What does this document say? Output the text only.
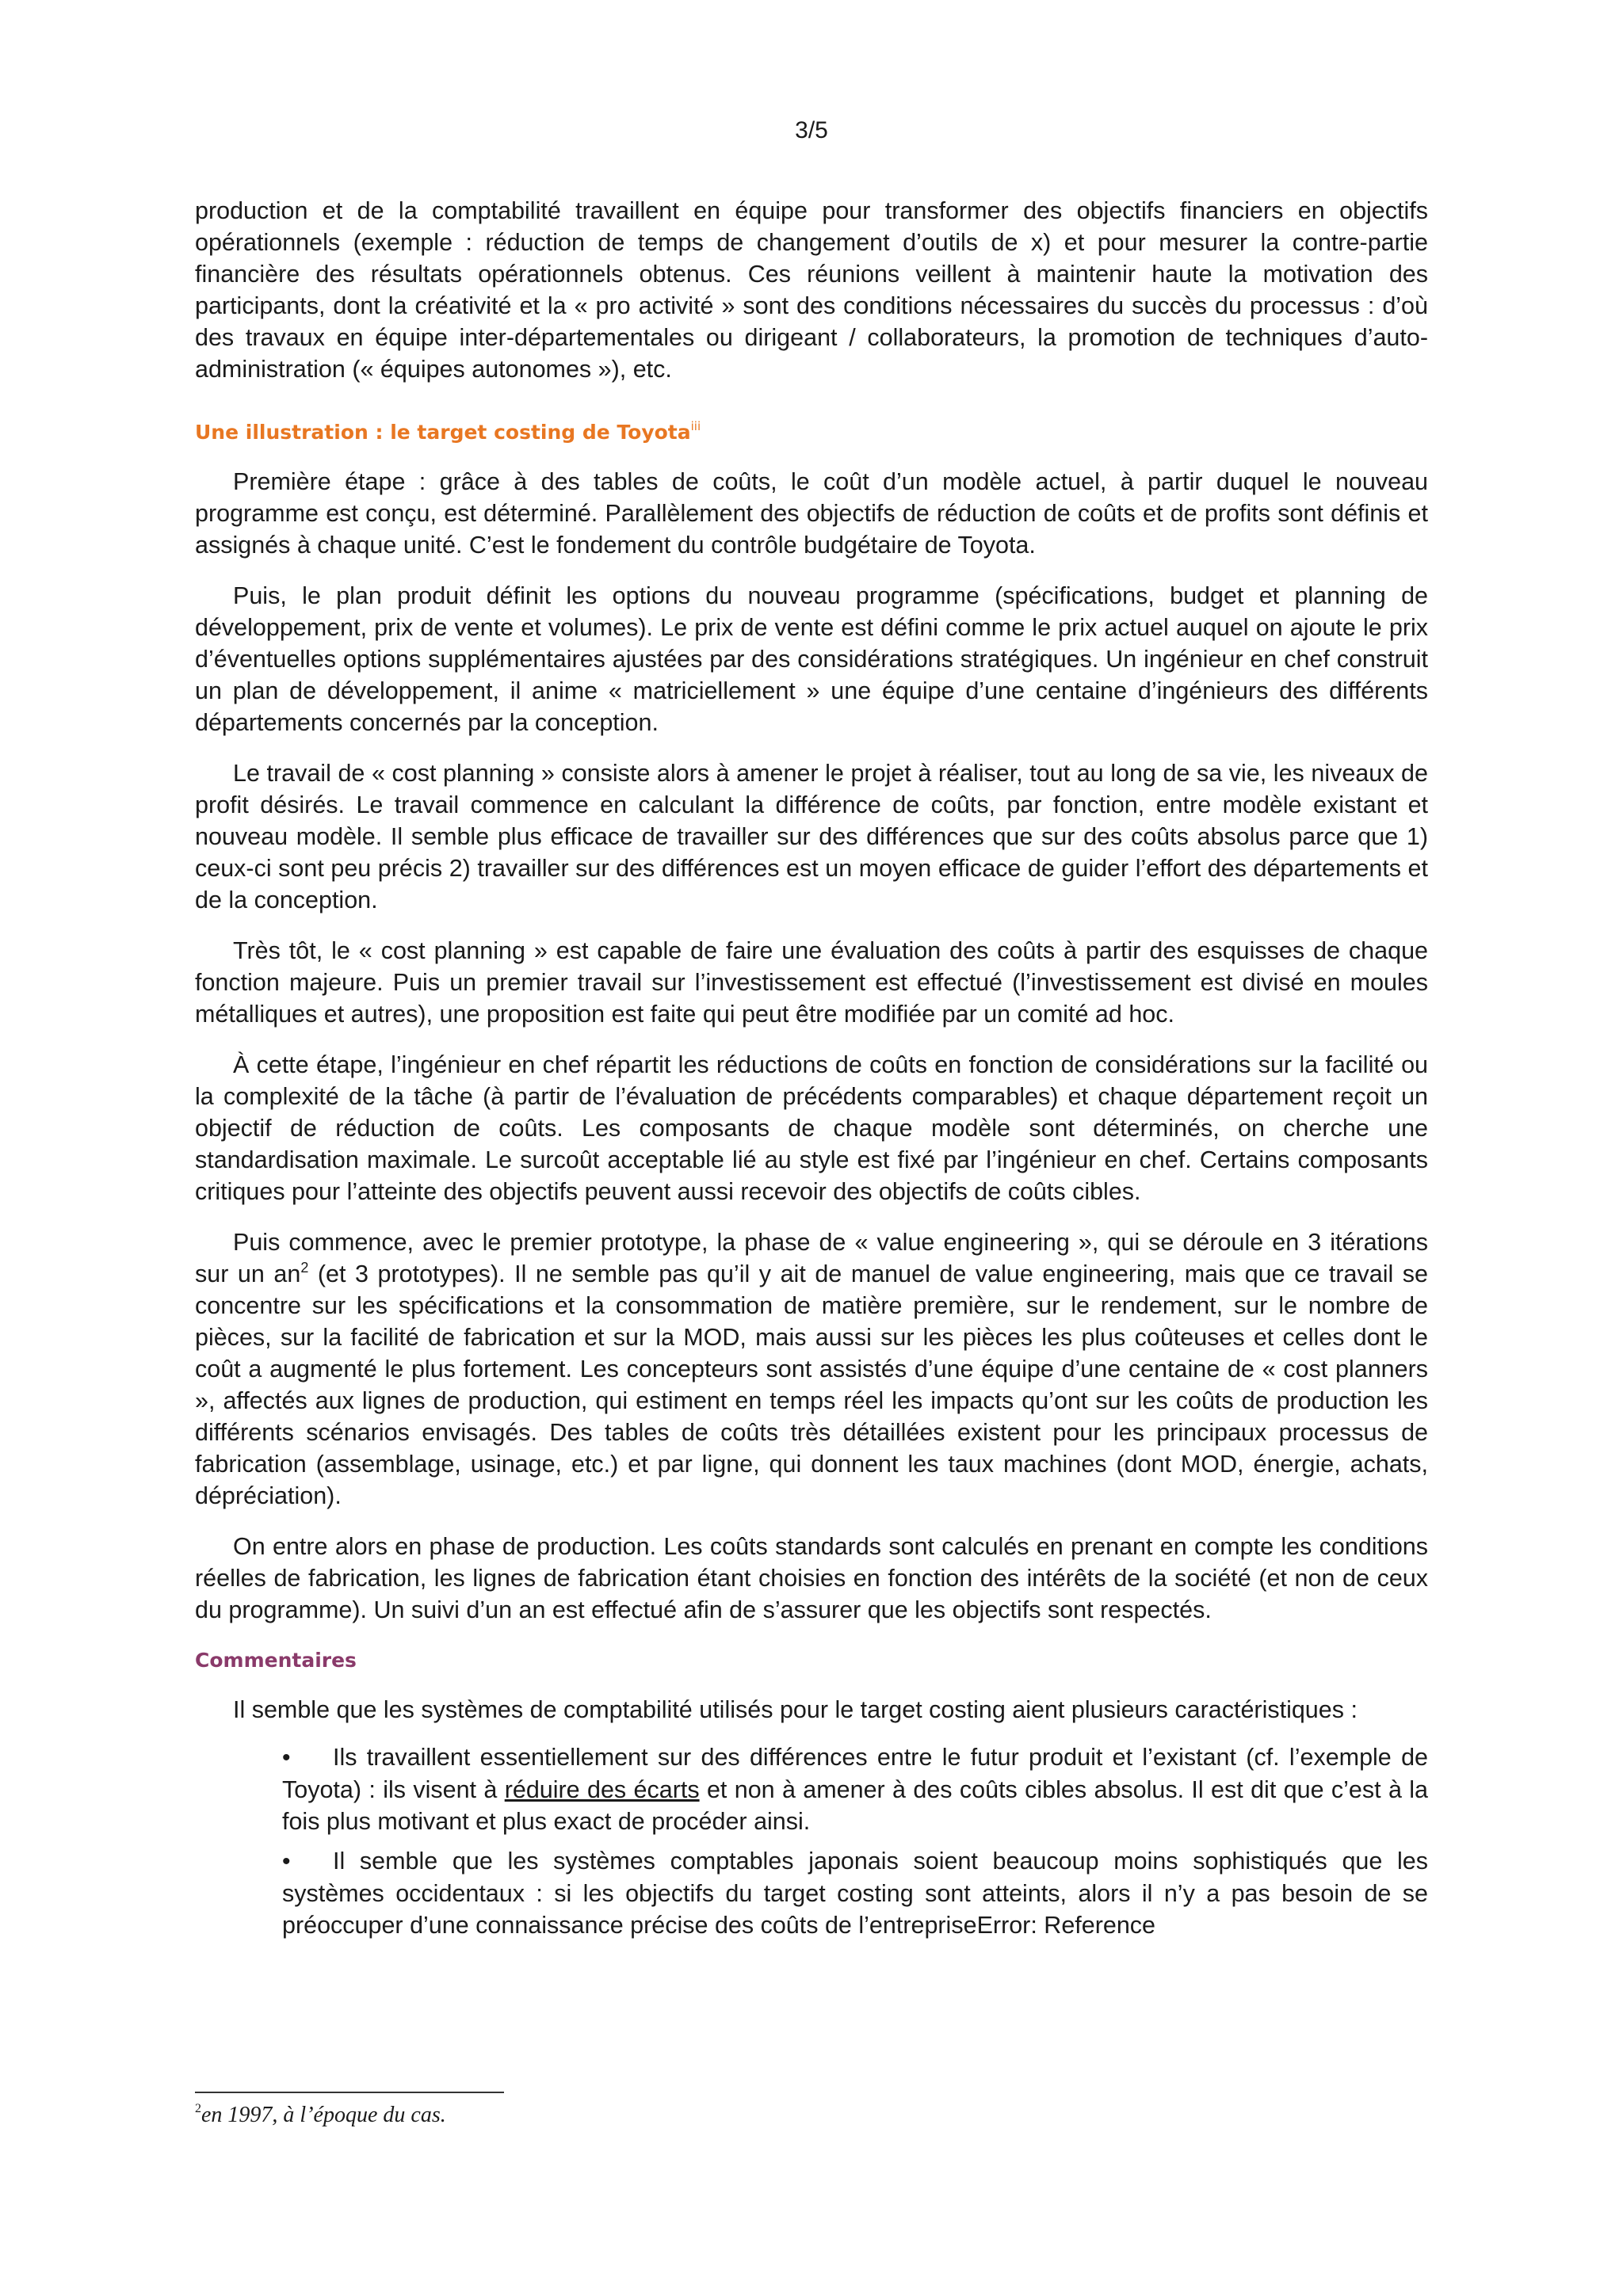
3/5

production et de la comptabilité travaillent en équipe pour transformer des objectifs financiers en objectifs opérationnels (exemple : réduction de temps de changement d’outils de x) et pour mesurer la contre-partie financière des résultats opérationnels obtenus. Ces réunions veillent à maintenir haute la motivation des participants, dont la créativité et la « pro activité » sont des conditions nécessaires du succès du processus : d’où des travaux en équipe inter-départementales ou dirigeant / collaborateurs, la promotion de techniques d’auto-administration (« équipes autonomes »), etc.

Une illustration : le target costing de Toyota$^{iii}$

Première étape : grâce à des tables de coûts, le coût d’un modèle actuel, à partir duquel le nouveau programme est conçu, est déterminé. Parallèlement des objectifs de réduction de coûts et de profits sont définis et assignés à chaque unité. C’est le fondement du contrôle budgétaire de Toyota.

Puis, le plan produit définit les options du nouveau programme (spécifications, budget et planning de développement, prix de vente et volumes). Le prix de vente est défini comme le prix actuel auquel on ajoute le prix d’éventuelles options supplémentaires ajustées par des considérations stratégiques. Un ingénieur en chef construit un plan de développement, il anime « matriciellement » une équipe d’une centaine d’ingénieurs des différents départements concernés par la conception.

Le travail de « cost planning » consiste alors à amener le projet à réaliser, tout au long de sa vie, les niveaux de profit désirés. Le travail commence en calculant la différence de coûts, par fonction, entre modèle existant et nouveau modèle. Il semble plus efficace de travailler sur des différences que sur des coûts absolus parce que 1) ceux-ci sont peu précis 2) travailler sur des différences est un moyen efficace de guider l’effort des départements et de la conception.

Très tôt, le « cost planning » est capable de faire une évaluation des coûts à partir des esquisses de chaque fonction majeure. Puis un premier travail sur l’investissement est effectué (l’investissement est divisé en moules métalliques et autres), une proposition est faite qui peut être modifiée par un comité ad hoc.

À cette étape, l’ingénieur en chef répartit les réductions de coûts en fonction de considérations sur la facilité ou la complexité de la tâche (à partir de l’évaluation de précédents comparables) et chaque département reçoit un objectif de réduction de coûts. Les composants de chaque modèle sont déterminés, on cherche une standardisation maximale. Le surcoût acceptable lié au style est fixé par l’ingénieur en chef. Certains composants critiques pour l’atteinte des objectifs peuvent aussi recevoir des objectifs de coûts cibles.

Puis commence, avec le premier prototype, la phase de « value engineering », qui se déroule en 3 itérations sur un an$^2$ (et 3 prototypes). Il ne semble pas qu’il y ait de manuel de value engineering, mais que ce travail se concentre sur les spécifications et la consommation de matière première, sur le rendement, sur le nombre de pièces, sur la facilité de fabrication et sur la MOD, mais aussi sur les pièces les plus coûteuses et celles dont le coût a augmenté le plus fortement. Les concepteurs sont assistés d’une équipe d’une centaine de « cost planners », affectés aux lignes de production, qui estiment en temps réel les impacts qu’ont sur les coûts de production les différents scénarios envisagés. Des tables de coûts très détaillées existent pour les principaux processus de fabrication (assemblage, usinage, etc.) et par ligne, qui donnent les taux machines (dont MOD, énergie, achats, dépréciation).

On entre alors en phase de production. Les coûts standards sont calculés en prenant en compte les conditions réelles de fabrication, les lignes de fabrication étant choisies en fonction des intérêts de la société (et non de ceux du programme). Un suivi d’un an est effectué afin de s’assurer que les objectifs sont respectés.

Commentaires

Il semble que les systèmes de comptabilité utilisés pour le target costing aient plusieurs caractéristiques :

• Ils travaillent essentiellement sur des différences entre le futur produit et l’existant (cf. l’exemple de Toyota) : ils visent à réduire des écarts et non à amener à des coûts cibles absolus. Il est dit que c’est à la fois plus motivant et plus exact de procéder ainsi.

• Il semble que les systèmes comptables japonais soient beaucoup moins sophistiqués que les systèmes occidentaux : si les objectifs du target costing sont atteints, alors il n’y a pas besoin de se préoccuper d’une connaissance précise des coûts de l’entrepriseError: Reference

$^2$en 1997, à l’époque du cas.
